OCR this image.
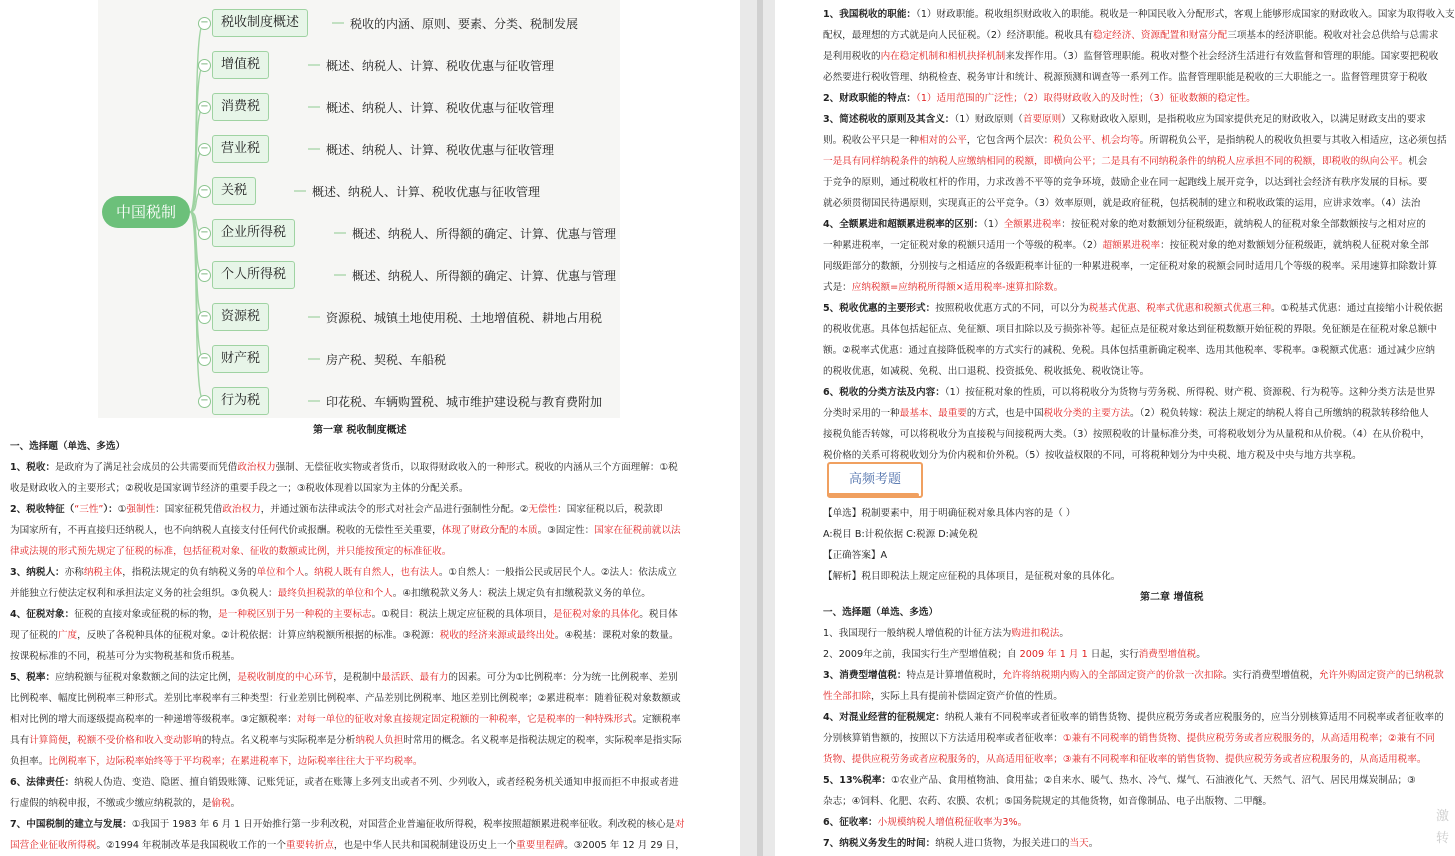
中国税制
− 税收制度概述	税收的内涵、原则、要素、分类、税制发展
− 增值税	概述、纳税人、计算、税收优惠与征收管理
− 消费税	概述、纳税人、计算、税收优惠与征收管理
− 营业税	概述、纳税人、计算、税收优惠与征收管理
− 关税	概述、纳税人、计算、税收优惠与征收管理
− 企业所得税	概述、纳税人、所得额的确定、计算、优惠与管理
− 个人所得税	概述、纳税人、所得额的确定、计算、优惠与管理
− 资源税	资源税、城镇土地使用税、土地增值税、耕地占用税
− 财产税	房产税、契税、车船税
− 行为税	印花税、车辆购置税、城市维护建设税与教育费附加
第一章 税收制度概述
一、选择题（单选、多选）
1、税收：是政府为了满足社会成员的公共需要而凭借政治权力强制、无偿征收实物或者货币，以取得财政收入的一种形式。税收的内涵从三个方面理解：①税
收是财政收入的主要形式；②税收是国家调节经济的重要手段之一；③税收体现着以国家为主体的分配关系。
2、税收特征（“三性”）：①强制性：国家征税凭借政治权力，并通过颁布法律或法令的形式对社会产品进行强制性分配。②无偿性：国家征税以后，税款即
为国家所有，不再直接归还纳税人，也不向纳税人直接支付任何代价或报酬。税收的无偿性至关重要，体现了财政分配的本质。③固定性：国家在征税前就以法
律或法规的形式预先规定了征税的标准，包括征税对象、征收的数额或比例，并只能按预定的标准征收。
3、纳税人：亦称纳税主体，指税法规定的负有纳税义务的单位和个人。纳税人既有自然人，也有法人。①自然人：一般指公民或居民个人。②法人：依法成立
并能独立行使法定权利和承担法定义务的社会组织。③负税人：最终负担税款的单位和个人。④扣缴税款义务人：税法上规定负有扣缴税款义务的单位。
4、征税对象：征税的直接对象或征税的标的物，是一种税区别于另一种税的主要标志。①税目：税法上规定应征税的具体项目，是征税对象的具体化。税目体
现了征税的广度，反映了各税种具体的征税对象。②计税依据：计算应纳税额所根据的标准。③税源：税收的经济来源或最终出处。④税基：课税对象的数量。
按课税标准的不同，税基可分为实物税基和货币税基。
5、税率：应纳税额与征税对象数额之间的法定比例，是税收制度的中心环节，是税制中最活跃、最有力的因素。可分为①比例税率：分为统一比例税率、差别
比例税率、幅度比例税率三种形式。差别比率税率有三种类型：行业差别比例税率、产品差别比例税率、地区差别比例税率；②累进税率：随着征税对象数额或
相对比例的增大而逐级提高税率的一种递增等级税率。③定额税率：对每一单位的征收对象直接规定固定税额的一种税率，它是税率的一种特殊形式。定额税率
具有计算简便，税额不受价格和收入变动影响的特点。名义税率与实际税率是分析纳税人负担时常用的概念。名义税率是指税法规定的税率，实际税率是指实际
负担率。比例税率下，边际税率始终等于平均税率；在累进税率下，边际税率往往大于平均税率。
6、法律责任：纳税人伪造、变造、隐匿、擅自销毁账簿、记账凭证，或者在账簿上多列支出或者不列、少列收入，或者经税务机关通知申报而拒不申报或者进
行虚假的纳税申报，不缴或少缴应纳税款的，是偷税。
7、中国税制的建立与发展：①我国于 1983 年 6 月 1 日开始推行第一步利改税，对国营企业普遍征收所得税，税率按照超额累进税率征收。利改税的核心是对
国营企业征收所得税。②1994 年税制改革是我国税收工作的一个重要转折点，也是中华人民共和国税制建设历史上一个重要里程碑。③2005 年 12 月 29 日，
1、我国税收的职能：（1）财政职能。税收组织财政收入的职能。税收是一种国民收入分配形式，客观上能够形成国家的财政收入。国家为取得收入支
配权，最理想的方式就是向人民征税。（2）经济职能。税收具有稳定经济、资源配置和财富分配三项基本的经济职能。税收对社会总供给与总需求
是利用税收的内在稳定机制和相机抉择机制来发挥作用。（3）监督管理职能。税收对整个社会经济生活进行有效监督和管理的职能。国家要把税收
必然要进行税收管理、纳税检查、税务审计和统计、税源预测和调查等一系列工作。监督管理职能是税收的三大职能之一。监督管理贯穿于税收
2、财政职能的特点：（1）适用范围的广泛性；（2）取得财政收入的及时性；（3）征收数额的稳定性。
3、简述税收的原则及其含义：（1）财政原则（首要原则）又称财政收入原则，是指税收应为国家提供充足的财政收入，以满足财政支出的要求
则。税收公平只是一种相对的公平，它包含两个层次：税负公平、机会均等。所谓税负公平，是指纳税人的税收负担要与其收入相适应，这必须包括
一是具有同样纳税条件的纳税人应缴纳相同的税额，即横向公平；二是具有不同纳税条件的纳税人应承担不同的税额，即税收的纵向公平。机会
于竞争的原则，通过税收杠杆的作用，力求改善不平等的竞争环境，鼓励企业在同一起跑线上展开竞争，以达到社会经济有秩序发展的目标。要
就必须贯彻国民待遇原则，实现真正的公平竞争。（3）效率原则，就是政府征税，包括税制的建立和税收政策的运用，应讲求效率。（4）法治
4、全额累进和超额累进税率的区别：（1）全额累进税率：按征税对象的绝对数额划分征税级距，就纳税人的征税对象全部数额按与之相对应的
一种累进税率，一定征税对象的税额只适用一个等级的税率。（2）超额累进税率：按征税对象的绝对数额划分征税级距，就纳税人征税对象全部
同级距部分的数额，分别按与之相适应的各级距税率计征的一种累进税率，一定征税对象的税额会同时适用几个等级的税率。采用速算扣除数计算
式是：应纳税额=应纳税所得额×适用税率-速算扣除数。
5、税收优惠的主要形式：按照税收优惠方式的不同，可以分为税基式优惠、税率式优惠和税额式优惠三种。①税基式优惠：通过直接缩小计税依据
的税收优惠。具体包括起征点、免征额、项目扣除以及亏损弥补等。起征点是征税对象达到征税数额开始征税的界限。免征额是在征税对象总额中
额。②税率式优惠：通过直接降低税率的方式实行的减税、免税。具体包括重新确定税率、选用其他税率、零税率。③税额式优惠：通过减少应纳
的税收优惠，如减税、免税、出口退税、投资抵免、税收抵免、税收饶让等。
6、税收的分类方法及内容：（1）按征税对象的性质，可以将税收分为货物与劳务税、所得税、财产税、资源税、行为税等。这种分类方法是世界
分类时采用的一种最基本、最重要的方式，也是中国税收分类的主要方法。（2）税负转嫁：税法上规定的纳税人将自己所缴纳的税款转移给他人
接税负能否转嫁，可以将税收分为直接税与间接税两大类。（3）按照税收的计量标准分类，可将税收划分为从量税和从价税。（4）在从价税中，
税价格的关系可将税收划分为价内税和价外税。（5）按收益权限的不同，可将税种划分为中央税、地方税及中央与地方共享税。
【单选】税制要素中，用于明确征税对象具体内容的是（ ）
A:税目 B:计税依据 C:税源 D:减免税
【正确答案】A
【解析】税目即税法上规定应征税的具体项目，是征税对象的具体化。
第二章 增值税
一、选择题（单选、多选）
1、我国现行一般纳税人增值税的计征方法为购进扣税法。
2、2009年之前，我国实行生产型增值税；自 2009 年 1 月 1 日起，实行消费型增值税。
3、消费型增值税：特点是计算增值税时，允许将纳税期内购入的全部固定资产的价款一次扣除。实行消费型增值税，允许外购固定资产的已纳税款
性全部扣除，实际上具有提前补偿固定资产价值的性质。
4、对混业经营的征税规定：纳税人兼有不同税率或者征收率的销售货物、提供应税劳务或者应税服务的，应当分别核算适用不同税率或者征收率的
分别核算销售额的，按照以下方法适用税率或者征收率：①兼有不同税率的销售货物、提供应税劳务或者应税服务的，从高适用税率；②兼有不同
货物、提供应税劳务或者应税服务的，从高适用征收率；③兼有不同税率和征收率的销售货物、提供应税劳务或者应税服务的，从高适用税率。
5、13%税率：①农业产品、食用植物油、食用盐；②自来水、暖气、热水、冷气、煤气、石油液化气、天然气、沼气、居民用煤炭制品；③
杂志；④饲料、化肥、农药、农膜、农机；⑤国务院规定的其他货物，如音像制品、电子出版物、二甲醚。
6、征收率：小规模纳税人增值税征收率为3%。
7、纳税义务发生的时间：纳税人进口货物，为报关进口的当天。
激
转
高频考题
